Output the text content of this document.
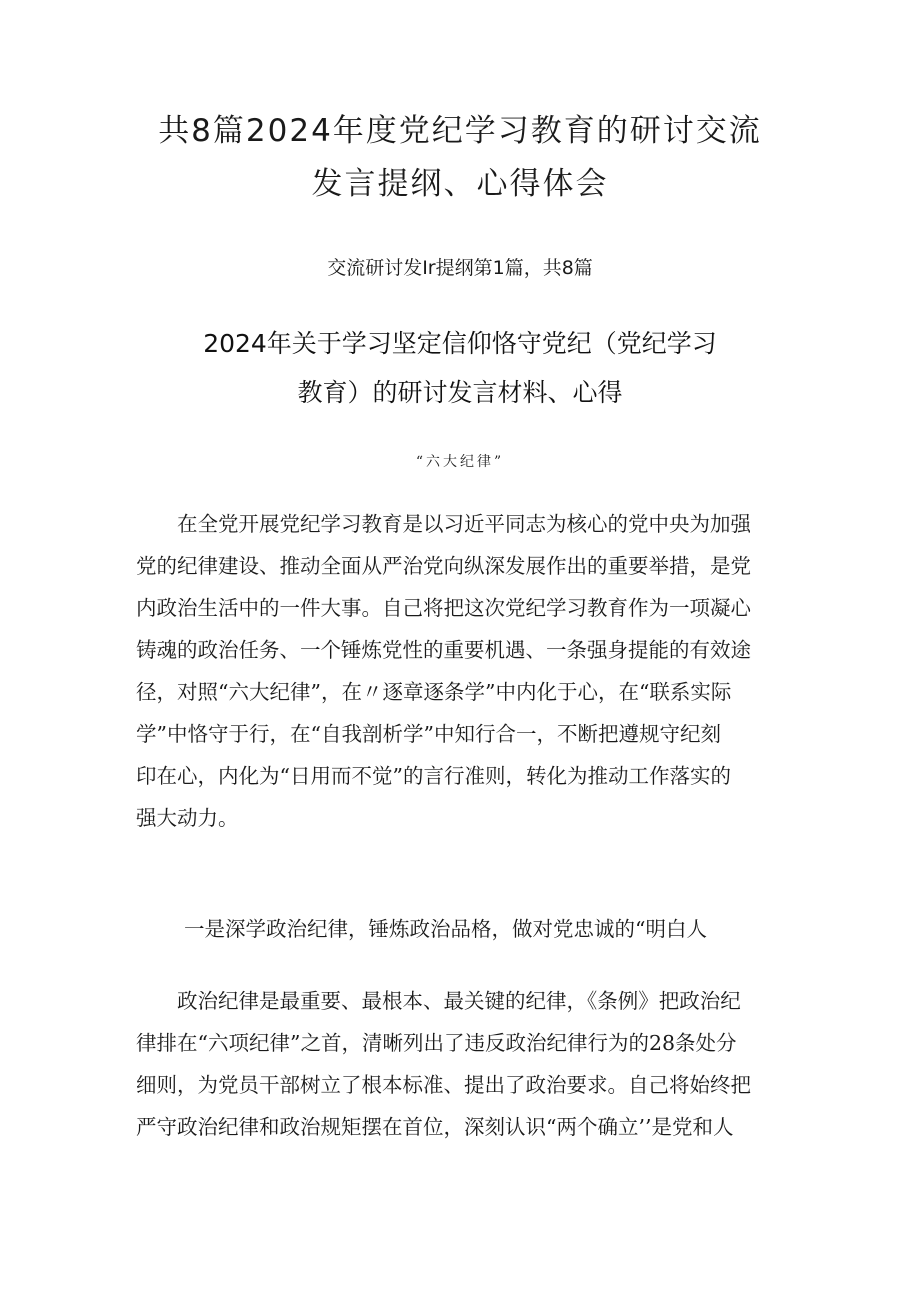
共8篇2024年度党纪学习教育的研讨交流
发言提纲、心得体会
交流研讨发Ir提纲第1篇，共8篇
2024年关于学习坚定信仰恪守党纪（党纪学习
教育）的研讨发言材料、心得
“六大纪律”
　　在全党开展党纪学习教育是以习近平同志为核心的党中央为加强
党的纪律建设、推动全面从严治党向纵深发展作出的重要举措，是党
内政治生活中的一件大事。自己将把这次党纪学习教育作为一项凝心
铸魂的政治任务、一个锤炼党性的重要机遇、一条强身提能的有效途
径，对照“六大纪律”，在〃逐章逐条学”中内化于心，在“联系实际
学”中恪守于行，在“自我剖析学”中知行合一，不断把遵规守纪刻
印在心，内化为“日用而不觉”的言行准则，转化为推动工作落实的
强大动力。
一是深学政治纪律，锤炼政治品格，做对党忠诚的“明白人
　　政治纪律是最重要、最根本、最关键的纪律，《条例》把政治纪
律排在“六项纪律”之首，清晰列出了违反政治纪律行为的28条处分
细则，为党员干部树立了根本标准、提出了政治要求。自己将始终把
严守政治纪律和政治规矩摆在首位，深刻认识“两个确立’’是党和人
